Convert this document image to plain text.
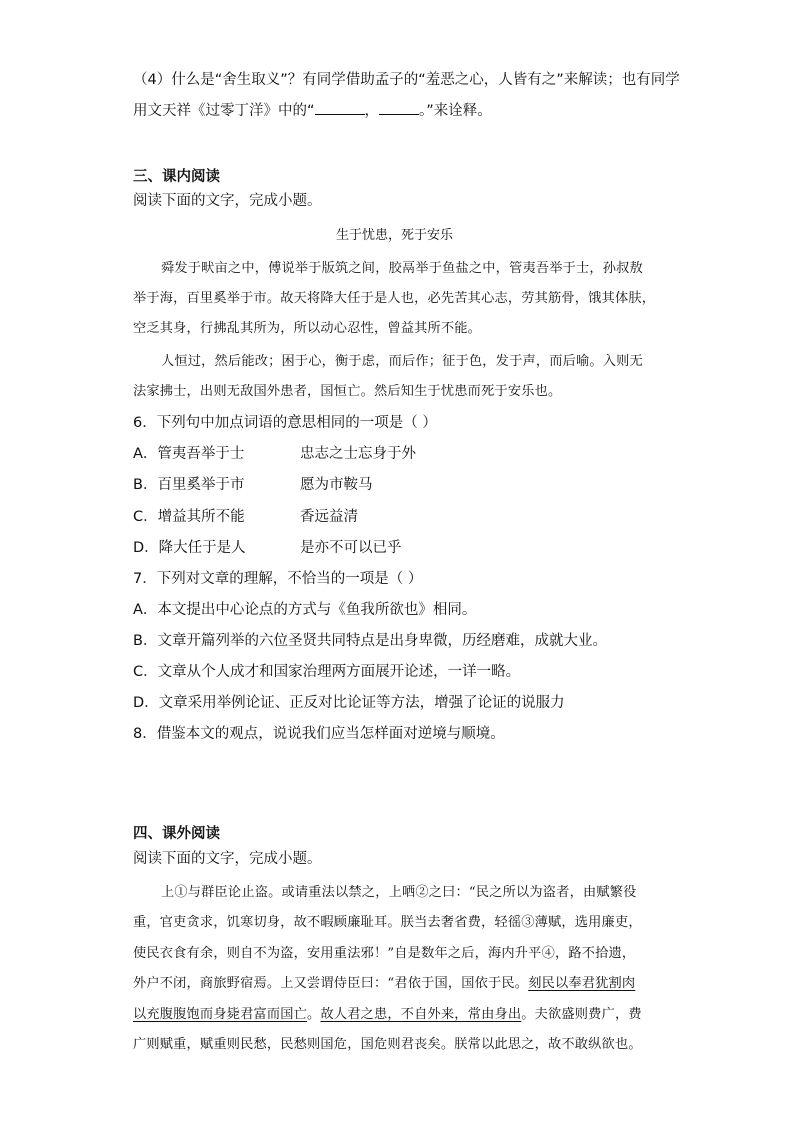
（4）什么是“舍生取义”？有同学借助孟子的“羞恶之心，人皆有之”来解读；也有同学
用文天祥《过零丁洋》中的“	，	。”来诠释。
三、课内阅读
阅读下面的文字，完成小题。
生于忧患，死于安乐
舜发于畎亩之中，傅说举于版筑之间，胶鬲举于鱼盐之中，管夷吾举于士，孙叔敖
举于海，百里奚举于市。故天将降大任于是人也，必先苦其心志，劳其筋骨，饿其体肤，
空乏其身，行拂乱其所为，所以动心忍性，曾益其所不能。
人恒过，然后能改；困于心，衡于虑，而后作；征于色，发于声，而后喻。入则无
法家拂士，出则无敌国外患者，国恒亡。然后知生于忧患而死于安乐也。
6．下列句中加点词语的意思相同的一项是（ ）
A．管夷吾举于士	忠志之士忘身于外
B．百里奚举于市	愿为市鞍马
C．增益其所不能	香远益清
D．降大任于是人	是亦不可以已乎
7．下列对文章的理解，不恰当的一项是（ ）
A．本文提出中心论点的方式与《鱼我所欲也》相同。
B．文章开篇列举的六位圣贤共同特点是出身卑微，历经磨难，成就大业。
C．文章从个人成才和国家治理两方面展开论述，一详一略。
D．文章采用举例论证、正反对比论证等方法，增强了论证的说服力
8．借鉴本文的观点，说说我们应当怎样面对逆境与顺境。
四、课外阅读
阅读下面的文字，完成小题。
上①与群臣论止盗。或请重法以禁之，上哂②之曰：“民之所以为盗者，由赋繁役
重，官吏贪求，饥寒切身，故不暇顾廉耻耳。朕当去奢省费，轻徭③薄赋，选用廉吏，
使民衣食有余，则自不为盗，安用重法邪！”自是数年之后，海内升平④，路不拾遗，
外户不闭，商旅野宿焉。上又尝谓侍臣曰：“君依于国，国依于民。刻民以奉君犹割肉
以充腹腹饱而身毙君富而国亡。故人君之患，不自外来，常由身出。夫欲盛则费广，费
广则赋重，赋重则民愁，民愁则国危，国危则君丧矣。朕常以此思之，故不敢纵欲也。
